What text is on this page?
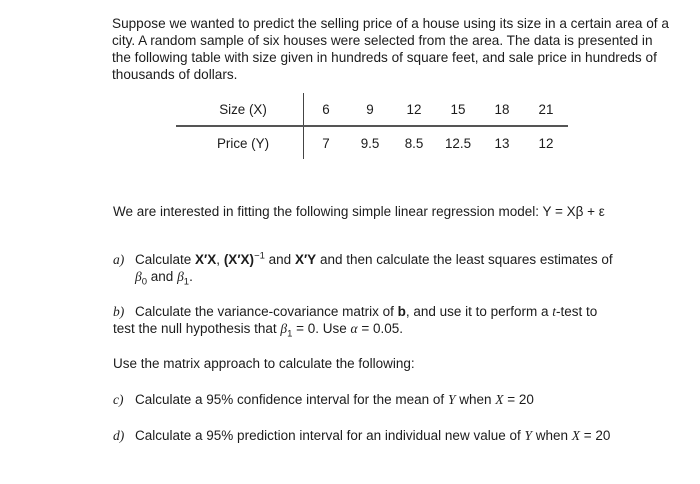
Suppose we wanted to predict the selling price of a house using its size in a certain area of a city. A random sample of six houses were selected from the area. The data is presented in the following table with size given in hundreds of square feet, and sale price in hundreds of thousands of dollars.

Size (X)		6	9	12	15	18	21
Price (Y)		7	9.5	8.5	12.5	13	12

We are interested in fitting the following simple linear regression model: Y = Xβ + ε

a) Calculate X′X, $(X'X)^{-1}$ and X′Y and then calculate the least squares estimates of
$\beta_0$ and $\beta_1$.

b) Calculate the variance-covariance matrix of b, and use it to perform a t-test to test the null hypothesis that $\beta_1 = 0$. Use α = 0.05.

Use the matrix approach to calculate the following:

c) Calculate a 95% confidence interval for the mean of Y when X = 20

d) Calculate a 95% prediction interval for an individual new value of Y when X = 20
